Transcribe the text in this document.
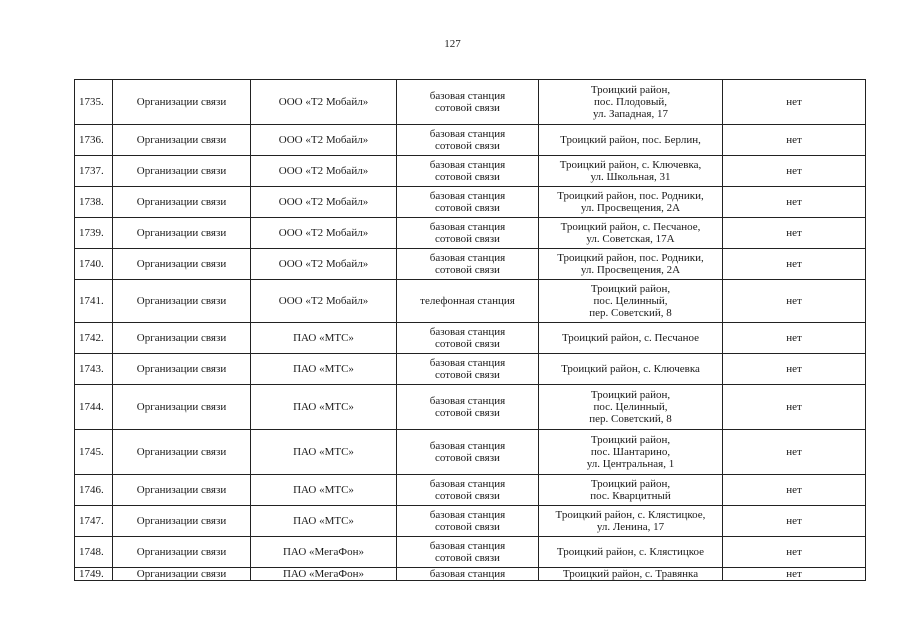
127
1735.	Организации связи	ООО «Т2 Мобайл»	базовая станция
сотовой связи	Троицкий район,
пос. Плодовый,
ул. Западная, 17	нет
1736.	Организации связи	ООО «Т2 Мобайл»	базовая станция
сотовой связи	Троицкий район, пос. Берлин,	нет
1737.	Организации связи	ООО «Т2 Мобайл»	базовая станция
сотовой связи	Троицкий район, с. Ключевка,
ул. Школьная, 31	нет
1738.	Организации связи	ООО «Т2 Мобайл»	базовая станция
сотовой связи	Троицкий район, пос. Родники,
ул. Просвещения, 2А	нет
1739.	Организации связи	ООО «Т2 Мобайл»	базовая станция
сотовой связи	Троицкий район, с. Песчаное,
ул. Советская, 17А	нет
1740.	Организации связи	ООО «Т2 Мобайл»	базовая станция
сотовой связи	Троицкий район, пос. Родники,
ул. Просвещения, 2А	нет
1741.	Организации связи	ООО «Т2 Мобайл»	телефонная станция	Троицкий район,
пос. Целинный,
пер. Советский, 8	нет
1742.	Организации связи	ПАО «МТС»	базовая станция
сотовой связи	Троицкий район, с. Песчаное	нет
1743.	Организации связи	ПАО «МТС»	базовая станция
сотовой связи	Троицкий район, с. Ключевка	нет
1744.	Организации связи	ПАО «МТС»	базовая станция
сотовой связи	Троицкий район,
пос. Целинный,
пер. Советский, 8	нет
1745.	Организации связи	ПАО «МТС»	базовая станция
сотовой связи	Троицкий район,
пос. Шантарино,
ул. Центральная, 1	нет
1746.	Организации связи	ПАО «МТС»	базовая станция
сотовой связи	Троицкий район,
пос. Кварцитный	нет
1747.	Организации связи	ПАО «МТС»	базовая станция
сотовой связи	Троицкий район, с. Клястицкое,
ул. Ленина, 17	нет
1748.	Организации связи	ПАО «МегаФон»	базовая станция
сотовой связи	Троицкий район, с. Клястицкое	нет
1749.	Организации связи	ПАО «МегаФон»	базовая станция	Троицкий район, с. Травянка	нет
